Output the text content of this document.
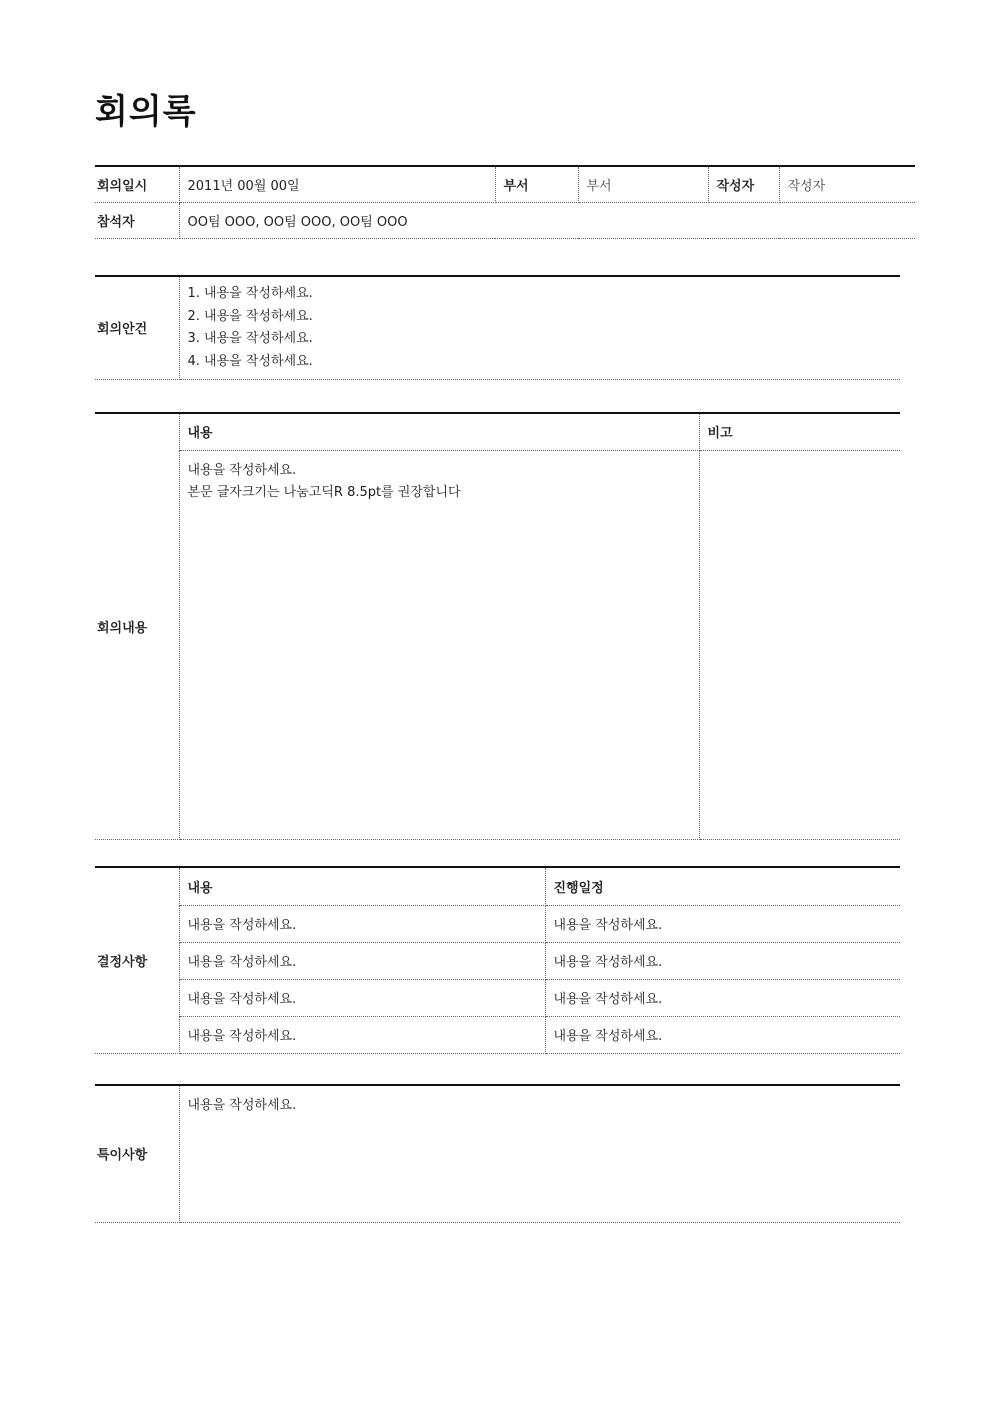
회의록
회의일시	2011년 00월 00일	부서	부서	작성자	작성자
참석자	OO팀 OOO, OO팀 OOO, OO팀 OOO				
회의안건	
1. 내용을 작성하세요.
2. 내용을 작성하세요.
3. 내용을 작성하세요.
4. 내용을 작성하세요.
회의내용	내용	비고

	내용을 작성하세요.
본문 글자크기는 나눔고딕R 8.5pt를 권장합니다	

결정사항	내용	진행일정
	내용을 작성하세요.	내용을 작성하세요.
	내용을 작성하세요.	내용을 작성하세요.
	내용을 작성하세요.	내용을 작성하세요.
	내용을 작성하세요.	내용을 작성하세요.
특이사항	내용을 작성하세요.
